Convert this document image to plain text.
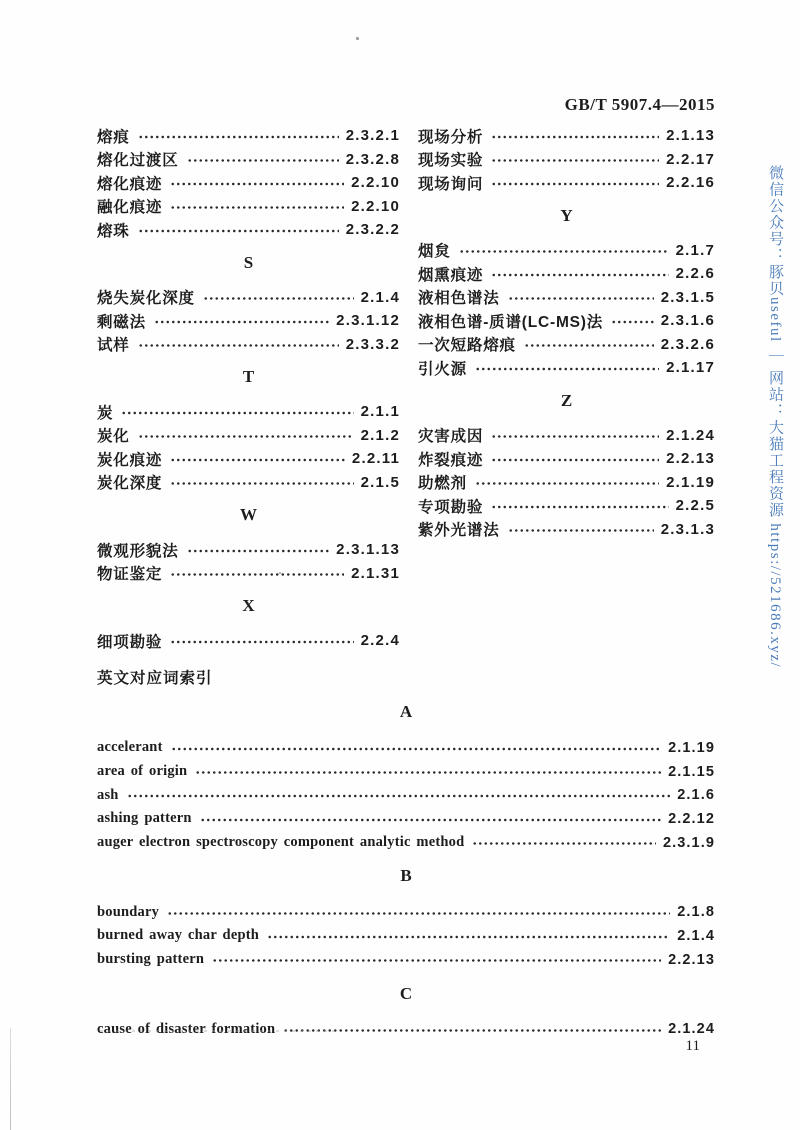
GB/T 5907.4—2015
熔痕	2.3.2.1
熔化过渡区	2.3.2.8
熔化痕迹	2.2.10
融化痕迹	2.2.10
熔珠	2.3.2.2
S
烧失炭化深度	2.1.4
剩磁法	2.3.1.12
试样	2.3.3.2
T
炭	2.1.1
炭化	2.1.2
炭化痕迹	2.2.11
炭化深度	2.1.5
W
微观形貌法	2.3.1.13
物证鉴定	2.1.31
X
细项勘验	2.2.4
现场分析	2.1.13
现场实验	2.2.17
现场询问	2.2.16
Y
烟炱	2.1.7
烟熏痕迹	2.2.6
液相色谱法	2.3.1.5
液相色谱-质谱(LC-MS)法	2.3.1.6
一次短路熔痕	2.3.2.6
引火源	2.1.17
Z
灾害成因	2.1.24
炸裂痕迹	2.2.13
助燃剂	2.1.19
专项勘验	2.2.5
紫外光谱法	2.3.1.3
英文对应词索引
A
accelerant	2.1.19
area of origin	2.1.15
ash	2.1.6
ashing pattern	2.2.12
auger electron spectroscopy component analytic method	2.3.1.9
B
boundary	2.1.8
burned away char depth	2.1.4
bursting pattern	2.2.13
C
cause of disaster formation	2.1.24
11
微信公众号：豚贝useful ｜ 网站：大猫工程资源 https://521686.xyz/
